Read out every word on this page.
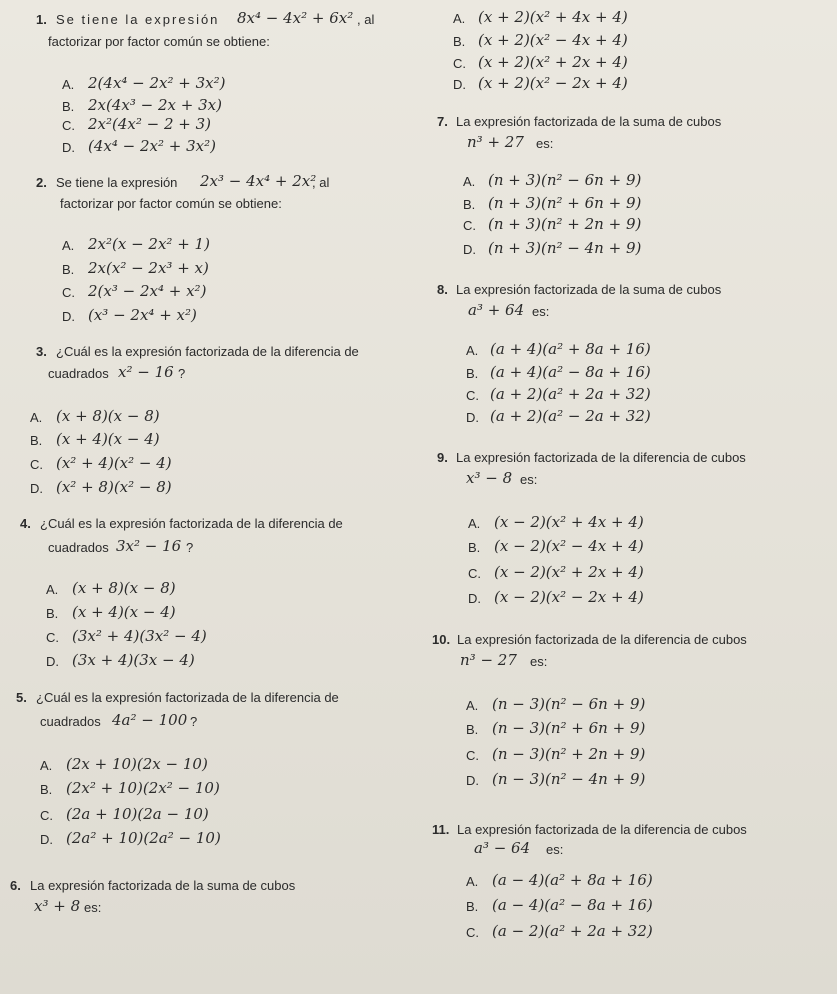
1. Se tiene la expresión 8x⁴ − 4x² + 6x² , al
factorizar por factor común se obtiene:
A. 2(4x⁴ − 2x² + 3x²)
B. 2x(4x³ − 2x + 3x)
C. 2x²(4x² − 2 + 3)
D. (4x⁴ − 2x² + 3x²)
2. Se tiene la expresión 2x³ − 4x⁴ + 2x²
, al
factorizar por factor común se obtiene:
A. 2x²(x − 2x² + 1)
B. 2x(x² − 2x³ + x)
C. 2(x³ − 2x⁴ + x²)
D. (x³ − 2x⁴ + x²)
3. ¿Cuál es la expresión factorizada de la diferencia de
cuadrados x² − 16 ?
A. (x + 8)(x − 8)
B. (x + 4)(x − 4)
C. (x² + 4)(x² − 4)
D. (x² + 8)(x² − 8)
4. ¿Cuál es la expresión factorizada de la diferencia de
cuadrados 3x² − 16 ?
A. (x + 8)(x − 8)
B. (x + 4)(x − 4)
C. (3x² + 4)(3x² − 4)
D. (3x + 4)(3x − 4)
5. ¿Cuál es la expresión factorizada de la diferencia de
cuadrados 4a² − 100 ?
A. (2x + 10)(2x − 10)
B. (2x² + 10)(2x² − 10)
C. (2a + 10)(2a − 10)
D. (2a² + 10)(2a² − 10)
6. La expresión factorizada de la suma de cubos
x³ + 8 es:
A. (x + 2)(x² + 4x + 4)
B. (x + 2)(x² − 4x + 4)
C. (x + 2)(x² + 2x + 4)
D. (x + 2)(x² − 2x + 4)
7. La expresión factorizada de la suma de cubos
n³ + 27 es:
A. (n + 3)(n² − 6n + 9)
B. (n + 3)(n² + 6n + 9)
C. (n + 3)(n² + 2n + 9)
D. (n + 3)(n² − 4n + 9)
8. La expresión factorizada de la suma de cubos
a³ + 64 es:
A. (a + 4)(a² + 8a + 16)
B. (a + 4)(a² − 8a + 16)
C. (a + 2)(a² + 2a + 32)
D. (a + 2)(a² − 2a + 32)
9. La expresión factorizada de la diferencia de cubos
x³ − 8 es:
A. (x − 2)(x² + 4x + 4)
B. (x − 2)(x² − 4x + 4)
C. (x − 2)(x² + 2x + 4)
D. (x − 2)(x² − 2x + 4)
10. La expresión factorizada de la diferencia de cubos
n³ − 27 es:
A. (n − 3)(n² − 6n + 9)
B. (n − 3)(n² + 6n + 9)
C. (n − 3)(n² + 2n + 9)
D. (n − 3)(n² − 4n + 9)
11. La expresión factorizada de la diferencia de cubos
a³ − 64 es:
A. (a − 4)(a² + 8a + 16)
B. (a − 4)(a² − 8a + 16)
C. (a − 2)(a² + 2a + 32)
